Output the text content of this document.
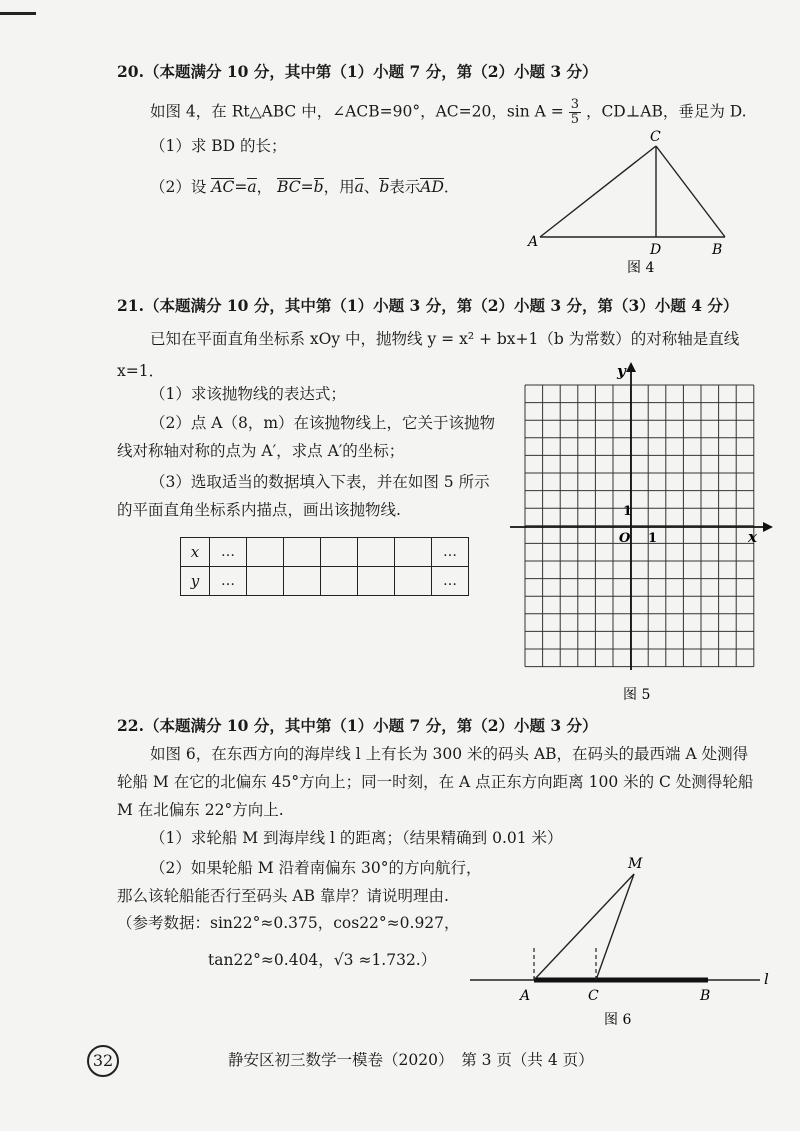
20.（本题满分 10 分，其中第（1）小题 7 分，第（2）小题 3 分）
如图 4，在 Rt△ABC 中，∠ACB=90°，AC=20，$\sin A = \frac{3}{5}$ ，CD⊥AB，垂足为 D.
（1）求 BD 的长；
（2）设 AC=a， BC=b，用a、b表示AD．
A
C
D	B
图 4
21.（本题满分 10 分，其中第（1）小题 3 分，第（2）小题 3 分，第（3）小题 4 分）
已知在平面直角坐标系 xOy 中，抛物线 y = x² + bx+1（b 为常数）的对称轴是直线
x=1．
（1）求该抛物线的表达式；
（2）点 A（8，m）在该抛物线上，它关于该抛物
线对称轴对称的点为 A′，求点 A′的坐标；
（3）选取适当的数据填入下表，并在如图 5 所示
的平面直角坐标系内描点，画出该抛物线.
x	…						…
y	…						…
x
y
O 1
1
图 5
22.（本题满分 10 分，其中第（1）小题 7 分，第（2）小题 3 分）
如图 6，在东西方向的海岸线 l 上有长为 300 米的码头 AB，在码头的最西端 A 处测得
轮船 M 在它的北偏东 45°方向上；同一时刻，在 A 点正东方向距离 100 米的 C 处测得轮船
M 在北偏东 22°方向上.
（1）求轮船 M 到海岸线 l 的距离；（结果精确到 0.01 米）
（2）如果轮船 M 沿着南偏东 30°的方向航行，
那么该轮船能否行至码头 AB 靠岸？请说明理由.
（参考数据：sin22°≈0.375，cos22°≈0.927，
tan22°≈0.404，√3 ≈1.732.）
M
A	C	B
l
图 6
32	静安区初三数学一模卷（2020）　第 3 页（共 4 页）
